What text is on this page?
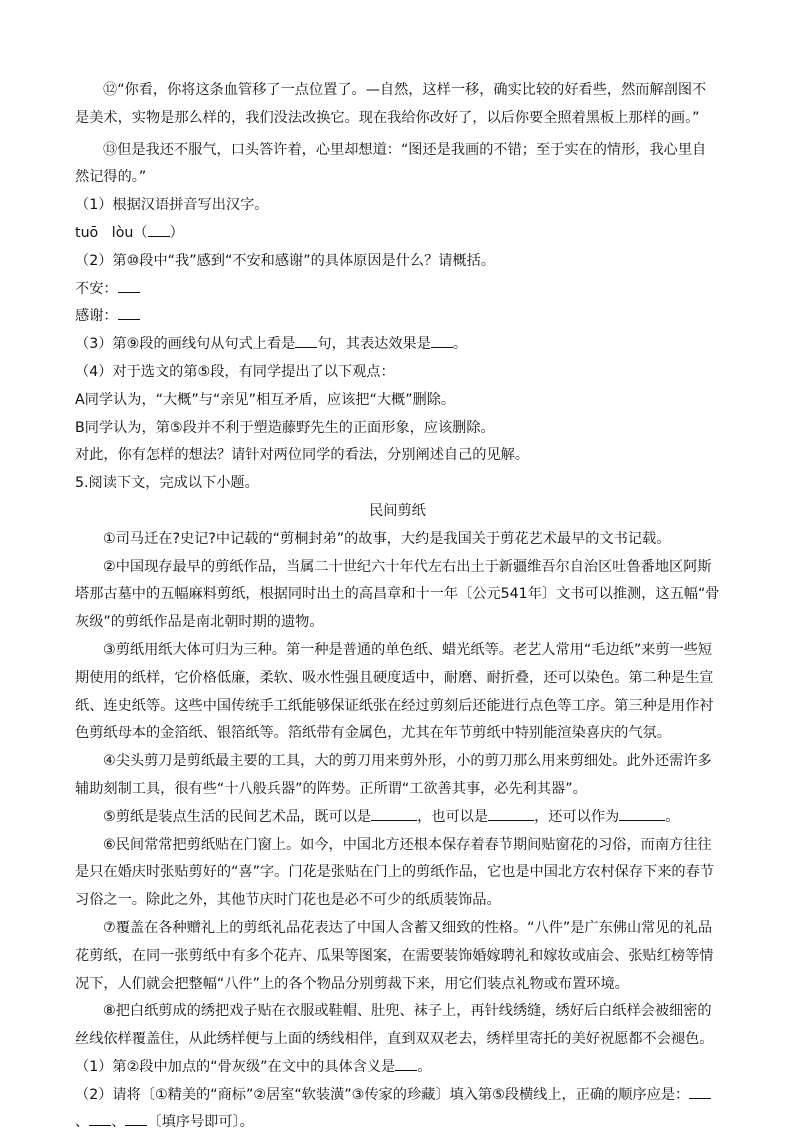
⑫“你看，你将这条血管移了一点位置了。—自然，这样一移，确实比较的好看些，然而解剖图不是美术，实物是那么样的，我们没法改换它。现在我给你改好了，以后你要全照着黑板上那样的画。”

⑬但是我还不服气，口头答许着，心里却想道：“图还是我画的不错；至于实在的情形，我心里自然记得的。”

（1）根据汉语拼音写出汉字。

tuō lòu（ ）

（2）第⑩段中“我”感到“不安和感谢”的具体原因是什么？请概括。

不安：

感谢：

（3）第⑨段的画线句从句式上看是 句，其表达效果是 。

（4）对于选文的第⑤段，有同学提出了以下观点：

A同学认为，“大概”与“亲见”相互矛盾，应该把“大概”删除。

B同学认为，第⑤段并不利于塑造藤野先生的正面形象，应该删除。

对此，你有怎样的想法？请针对两位同学的看法，分别阐述自己的见解。

5.阅读下文，完成以下小题。

民间剪纸

①司马迁在?史记?中记载的“剪桐封弟”的故事，大约是我国关于剪花艺术最早的文书记载。

②中国现存最早的剪纸作品，当属二十世纪六十年代左右出土于新疆维吾尔自治区吐鲁番地区阿斯塔那古墓中的五幅麻料剪纸，根据同时出土的高昌章和十一年〔公元541年〕文书可以推测，这五幅“骨灰级”的剪纸作品是南北朝时期的遗物。

③剪纸用纸大体可归为三种。第一种是普通的单色纸、蜡光纸等。老艺人常用“毛边纸”来剪一些短期使用的纸样，它价格低廉，柔软、吸水性强且硬度适中，耐磨、耐折叠，还可以染色。第二种是生宣纸、连史纸等。这些中国传统手工纸能够保证纸张在经过剪刻后还能进行点色等工序。第三种是用作衬色剪纸母本的金箔纸、银箔纸等。箔纸带有金属色，尤其在年节剪纸中特别能渲染喜庆的气氛。

④尖头剪刀是剪纸最主要的工具，大的剪刀用来剪外形，小的剪刀那么用来剪细处。此外还需许多辅助刻制工具，很有些“十八般兵器”的阵势。正所谓“工欲善其事，必先利其器”。

⑤剪纸是装点生活的民间艺术品，既可以是	，也可以是	，还可以作为	。

⑥民间常常把剪纸贴在门窗上。如今，中国北方还根本保存着春节期间贴窗花的习俗，而南方往往是只在婚庆时张贴剪好的“喜”字。门花是张贴在门上的剪纸作品，它也是中国北方农村保存下来的春节习俗之一。除此之外，其他节庆时门花也是必不可少的纸质装饰品。

⑦覆盖在各种赠礼上的剪纸礼品花表达了中国人含蓄又细致的性格。“八件”是广东佛山常见的礼品花剪纸，在同一张剪纸中有多个花卉、瓜果等图案，在需要装饰婚嫁聘礼和嫁妆或庙会、张贴红榜等情况下，人们就会把整幅“八件”上的各个物品分别剪裁下来，用它们装点礼物或布置环境。

⑧把白纸剪成的绣把戏子贴在衣服或鞋帽、肚兜、袜子上，再针线绣缝，绣好后白纸样会被细密的丝线依样覆盖住，从此绣样便与上面的绣线相伴，直到双双老去，绣样里寄托的美好祝愿都不会褪色。

（1）第②段中加点的“骨灰级”在文中的具体含义是 。

（2）请将〔①精美的“商标”②居室“软装潢”③传家的珍藏〕填入第⑤段横线上，正确的顺序应是：、 、 〔填序号即可〕。
